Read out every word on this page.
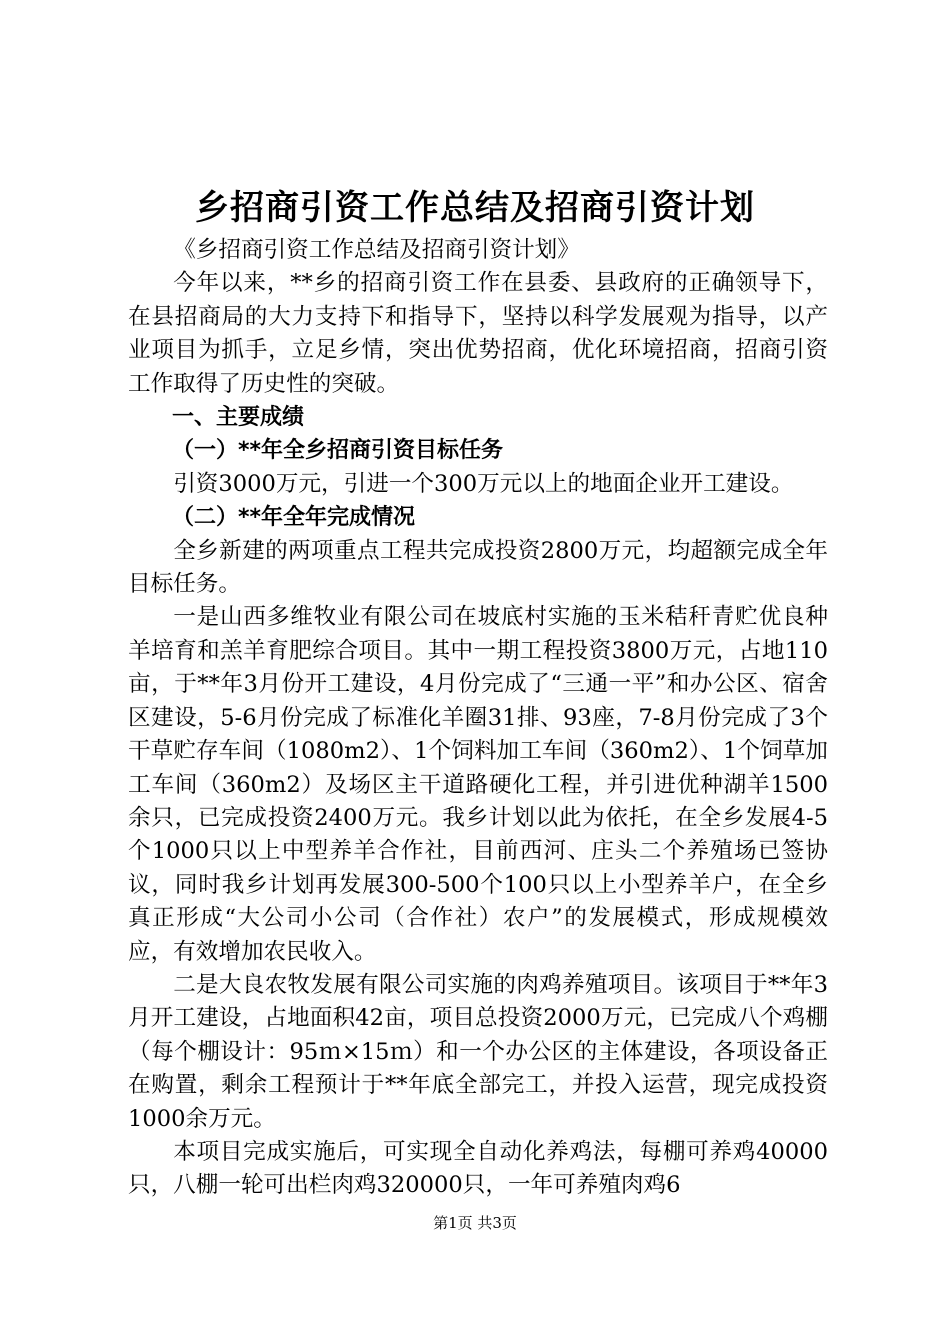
乡招商引资工作总结及招商引资计划

《乡招商引资工作总结及招商引资计划》

今年以来，**乡的招商引资工作在县委、县政府的正确领导下，在县招商局的大力支持下和指导下，坚持以科学发展观为指导，以产业项目为抓手，立足乡情，突出优势招商，优化环境招商，招商引资工作取得了历史性的突破。

一、主要成绩

（一）**年全乡招商引资目标任务

引资3000万元，引进一个300万元以上的地面企业开工建设。

（二）**年全年完成情况

全乡新建的两项重点工程共完成投资2800万元，均超额完成全年目标任务。

一是山西多维牧业有限公司在坡底村实施的玉米秸秆青贮优良种羊培育和羔羊育肥综合项目。其中一期工程投资3800万元，占地110亩，于**年3月份开工建设，4月份完成了“三通一平”和办公区、宿舍区建设，5-6月份完成了标准化羊圈31排、93座，7-8月份完成了3个干草贮存车间（1080m2）、1个饲料加工车间（360m2）、1个饲草加工车间（360m2）及场区主干道路硬化工程，并引进优种湖羊1500余只，已完成投资2400万元。我乡计划以此为依托，在全乡发展4-5个1000只以上中型养羊合作社，目前西河、庄头二个养殖场已签协议，同时我乡计划再发展300-500个100只以上小型养羊户，在全乡真正形成“大公司小公司（合作社）农户”的发展模式，形成规模效应，有效增加农民收入。

二是大良农牧发展有限公司实施的肉鸡养殖项目。该项目于**年3月开工建设，占地面积42亩，项目总投资2000万元，已完成八个鸡棚（每个棚设计：95ｍ×15ｍ）和一个办公区的主体建设，各项设备正在购置，剩余工程预计于**年底全部完工，并投入运营，现完成投资1000余万元。

本项目完成实施后，可实现全自动化养鸡法，每棚可养鸡40000只，八棚一轮可出栏肉鸡320000只，一年可养殖肉鸡6

第1页 共3页
